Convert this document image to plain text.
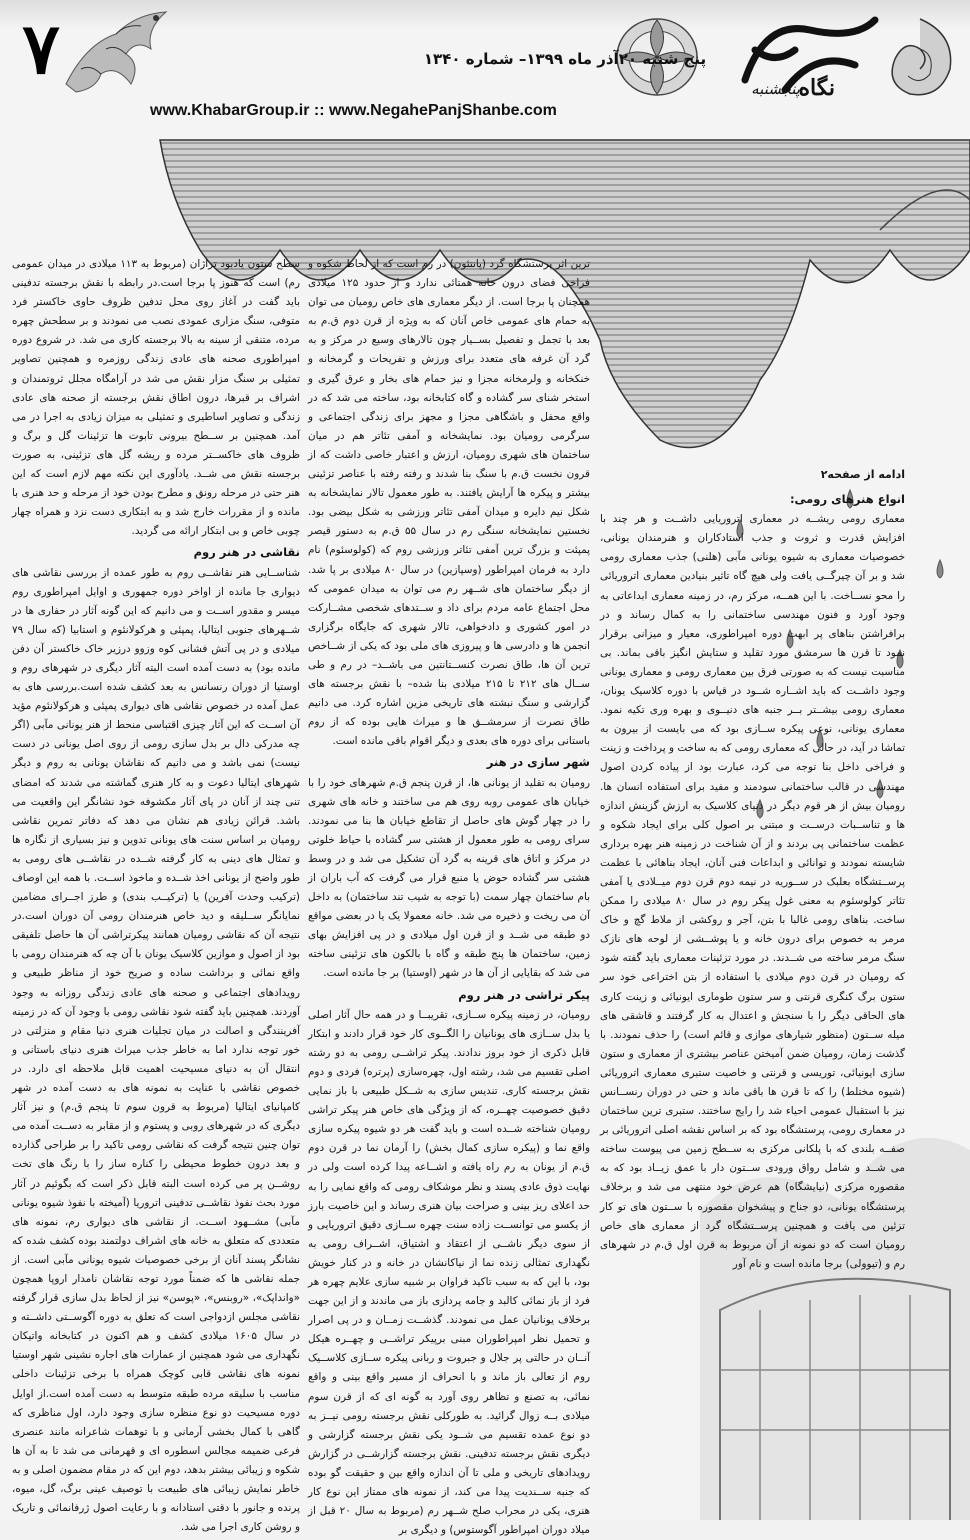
۷	نگاه
پنجشنبه
پنج شنبه ۲۰آذر ماه ۱۳۹۹– شماره ۱۳۴۰
www.KhabarGroup.ir :: www.NegahePanjShanbe.com

ادامه از صفحه۲

انواع هنرهای رومی:

معماری رومی ریشــه در معماری اتروریایی داشــت و هر چند با افزایش قدرت و ثروت و جذب استادکاران و هنرمندان یونانی، خصوصیات معماری به شیوه یونانی مآبی (هلنی) جذب معماری رومی شد و بر آن چیرگــی یافت ولی هیچ گاه تاثیر بنیادین معماری اتروریائی را محو نســاخت. با این همــه، مرکز رم، در زمینه معماری ابداعاتی به وجود آورد و فنون مهندسی ساختمانی را به کمال رساند و در برافراشتن بناهای پر ابهت دوره امپراطوری، معیار و میزانی برقرار نمود تا قرن ها سرمشق مورد تقلید و ستایش انگیز باقی بماند. بی مناسبت نیست که به صورتی فرق بین معماری رومی و معماری یونانی وجود داشــت که باید اشــاره شــود در قیاس با دوره کلاسیک یونان، معماری رومی بیشــتر بــر جنبه های دنیــوی و بهره وری تکیه نمود. معماری یونانی، نوعی پیکره ســازی بود که می بایست از بیرون به تماشا در آید، در حالی که معماری رومی که به ساخت و پرداخت و زینت و فراخی داخل بنا توجه می کرد، عبارت بود از پیاده کردن اصول مهندسی در قالب ساختمانی سودمند و مفید برای استفاده انسان ها. رومیان بیش از هر قوم دیگر در دنیای کلاسیک به ارزش گزینش اندازه ها و تناســبات درســت و مبتنی بر اصول کلی برای ایجاد شکوه و عظمت ساختمانی پی بردند و از آن شناخت در زمینه هنر بهره برداری شایسته نمودند و توانائی و ابداعات فنی آنان، ایجاد بناهائی با عظمت پرســتشگاه بعلبک در ســوریه در نیمه دوم قرن دوم میــلادی یا آمفی تئاتر کولوسئوم به معنی غول پیکر روم در سال ۸۰ میلادی را ممکن ساخت. بناهای رومی غالبا با بتن، آجر و روکشی از ملاط گچ و خاک مرمر به خصوص برای درون خانه و یا پوشــشی از لوحه های نازک سنگ مرمر ساخته می شــدند. در مورد تزئینات معماری باید گفته شود که رومیان در قرن دوم میلادی با استفاده از بتن اختراعی خود سر ستون برگ کنگری قرنتی و سر ستون طوماری ایونیائی و زینت کاری های الحاقی دیگر را با سنجش و اعتدال به کار گرفتند و قاشقی های میله ســتون (منظور شیارهای موازی و قائم است) را حذف نمودند. با گذشت زمان، رومیان ضمن آمیختن عناصر بیشتری از معماری و ستون سازی ایونیائی، توریسی و قرنتی و خاصیت ستبری معماری اتروریائی (شیوه مختلط) را که تا قرن ها باقی ماند و حتی در دوران رنســانس نیز با استقبال عمومی احیاء شد را رایج ساختند. ستبری ترین ساختمان در معماری رومی، پرستشگاه بود که بر اساس نقشه اصلی اتروریائی بر صفــه بلندی که با پلکانی مرکزی به ســطح زمین می پیوست ساخته می شــد و شامل رواق ورودی ســتون دار با عمق زیــاد بود که به مقصوره مرکزی (نیایشگاه) هم عرض خود منتهی می شد و برخلاف پرستشگاه یونانی، دو جناح و پیشخوان مقصوره با ســتون های تو کار تزئین می یافت و همچنین پرســتشگاه گرد از معماری های خاص رومیان است که دو نمونه از آن مربوط به قرن اول ق.م در شهرهای رم و (تیوولی) برجا مانده است و نام آور

ترین اثر پرستشگاه گرد (پانتئون) در رم است که از لحاظ شکوه و فراخی فضای درون خانه همتائی ندارد و از حدود ۱۲۵ میلادی همچنان پا برجا است. از دیگر معماری های خاص رومیان می توان به حمام های عمومی خاص آنان که به ویژه از قرن دوم ق.م به بعد با تجمل و تفصیل بســیار چون تالارهای وسیع در مرکز و به گرد آن غرفه های متعدد برای ورزش و تفریحات و گرمخانه و خنکخانه و ولرمخانه مجزا و نیز حمام های بخار و عرق گیری و استخر شنای سر گشاده و گاه کتابخانه بود، ساخته می شد که در واقع محفل و باشگاهی مجزا و مجهز برای زندگی اجتماعی و سرگرمی رومیان بود. نمایشخانه و آمفی تئاتر هم در میان ساختمان های شهری رومیان، ارزش و اعتبار خاصی داشت که از قرون نخست ق.م با سنگ بنا شدند و رفته رفته با عناصر تزئینی بیشتر و پیکره ها آرایش یافتند. به طور معمول تالار نمایشخانه به شکل نیم دایره و میدان آمفی تئاتر ورزشی به شکل بیضی بود. نخستین نمایشخانه سنگی رم در سال ۵۵ ق.م به دستور قیصر پمپئت و بزرگ ترین آمفی تئاتر ورزشی روم که (کولوسئوم) نام دارد به فرمان امپراطور (وسپازین) در سال ۸۰ میلادی بر پا شد. از دیگر ساختمان های شــهر رم می توان به میدان عمومی که محل اجتماع عامه مردم برای داد و ســتدهای شخصی مشــارکت در امور کشوری و دادخواهی، تالار شهری که جایگاه برگزاری انجمن ها و دادرسی ها و پیروزی های ملی بود که یکی از شــاخص ترین آن ها، طاق نصرت کنســتانتین می باشــد– در رم و طی ســال های ۲۱۲ تا ۲۱۵ میلادی بنا شده– با نقش برجسته های گزارشی و سنگ نبشته های تاریخی مزین اشاره کرد. می دانیم طاق نصرت از سرمشــق ها و میراث هایی بوده که از روم باستانی برای دوره های بعدی و دیگر اقوام باقی مانده است.

شهر سازی در هنر

رومیان به تقلید از یونانی ها، از قرن پنجم ق.م شهرهای خود را با خیابان های عمومی روبه روی هم می ساختند و خانه های شهری را در چهار گوش های حاصل از تقاطع خیابان ها بنا می نمودند. سرای رومی به طور معمول از هشتی سر گشاده با حیاط خلوتی در مرکز و اتاق های قرینه به گرد آن تشکیل می شد و در وسط هشتی سر گشاده حوض یا منبع قرار می گرفت که آب باران از بام ساختمان چهار سمت (با توجه به شیب تند ساختمان) به داخل آن می ریخت و ذخیره می شد. خانه معمولا یک یا در بعضی مواقع دو طبقه می شــد و از قرن اول میلادی و در پی افزایش بهای زمین، ساختمان ها پنج طبقه و گاه با بالکون های تزئینی ساخته می شد که بقایایی از آن ها در شهر (اوستیا) بر جا مانده است.

پیکر تراشی در هنر روم

رومیان، در زمینه پیکره ســازی، تقریبــا و در همه حال آثار اصلی یا بدل ســازی های یونانیان را الگــوی کار خود قرار دادند و ابتکار قابل ذکری از خود بروز ندادند. پیکر تراشــی رومی به دو رشته اصلی تقسیم می شد، رشته اول، چهره‌سازی (پرتره) فردی و دوم نقش برجسته کاری. تندیس سازی به شــکل طبیعی با باز نمایی دقیق خصوصیت چهــره، که از ویژگی های خاص هنر پیکر تراشی رومیان شناخته شــده است و باید گفت هر دو شیوه پیکره سازی واقع نما و (پیکره سازی کمال بخش) را آرمان نما در قرن دوم ق.م از یونان به رم راه یافته و اشــاعه پیدا کرده است ولی در نهایت ذوق عادی پسند و نظر موشکاف رومی که واقع نمایی را به حد اعلای ریز بینی و صراحت بیان هنری رساند و این خاصیت بارز از یکسو می توانســت زاده سنت چهره ســازی دقیق اتروریایی و از سوی دیگر ناشــی از اعتقاد و اشتیاق، اشــراف رومی به نگهداری تمثالی زنده نما از نیاکانشان در خانه و در کنار خویش بود، با این که به سبب تاکید فراوان بر شبیه سازی علایم چهره هر فرد از باز نمائی کالبد و جامه پردازی باز می ماندند و از این جهت برخلاف یونانیان عمل می نمودند. گذشــت زمــان و در پی اصرار و تحمیل نظر امپراطوران مبنی برپیکر تراشــی و چهــره هیکل آنــان در حالتی پر جلال و جبروت و ربانی پیکره ســازی کلاســیک روم از تعالی باز ماند و با انحراف از مسیر واقع بینی و واقع نمائی، به تصنع و تظاهر روی آورد به گونه ای که از قرن سوم میلادی بــه زوال گرائید. به طورکلی نقش برجسته رومی نیــز به دو نوع عمده تقسیم می شــود یکی نقش برجسته گزارشی و دیگری نقش برجسته تدفینی. نقش برجسته گزارشــی در گزارش رویدادهای تاریخی و ملی تا آن اندازه واقع بین و حقیقت گو بوده که جنبه ســندیت پیدا می کند، از نمونه های ممتاز این نوع کار هنری، یکی در محراب صلح شــهر رم (مربوط به سال ۲۰ قبل از میلاد دوران امپراطور آگوستوس) و دیگری بر

سطح ستون یادبود تراژان (مربوط به ۱۱۳ میلادی در میدان عمومی رم) است که هنوز پا برجا است.در رابطه با نقش برجسته تدفینی باید گفت در آغاز روی محل تدفین ظروف حاوی خاکستر فرد متوفی، سنگ مزاری عمودی نصب می نمودند و بر سطحش چهره مرده، متنقی از سینه به بالا برجسته کاری می شد. در شروع دوره امپراطوری صحنه های عادی زندگی روزمره و همچنین تصاویر تمثیلی بر سنگ مزار نقش می شد در آرامگاه مجلل ثروتمندان و اشراف بر قبرها، درون اطاق نقش برجسته از صحنه های عادی زندگی و تصاویر اساطیری و تمثیلی به میزان زیادی به اجرا در می آمد. همچنین بر ســطح بیرونی تابوت ها تزئینات گل و برگ و ظروف های خاکســتر مرده و ریشه گل های تزئینی، به صورت برجسته نقش می شــد. یادآوری این نکته مهم لازم است که این هنر حتی در مرحله رونق و مطرح بودن خود از مرحله و حد هنری با مانده و از مقررات خارج شد و به ابتکاری دست نزد و همراه چهار چوبی خاص و بی ابتکار ارائه می گردید.

نقاشی در هنر روم

شناســایی هنر نقاشــی روم به طور عمده از بررسی نقاشی های دیواری جا مانده از اواخر دوره جمهوری و اوایل امپراطوری روم میسر و مقدور اســت و می دانیم که این گونه آثار در حفاری ها در شــهرهای جنوبی ایتالیا، پمپئی و هرکولانئوم و استابیا (که سال ۷۹ میلادی و در پی آتش فشانی کوه وزوو درزیر خاک خاکستر آن دفن مانده بود) به دست آمده است البته آثار دیگری در شهرهای روم و اوستیا از دوران رنسانس به بعد کشف شده است.بررسی های به عمل آمده در خصوص نقاشی های دیواری پمپئی و هرکولانئوم مؤید آن اســت که این آثار چیزی اقتباسی منحط از هنر یونانی مآبی (اگر چه مدرکی دال بر بدل سازی رومی از روی اصل یونانی در دست نیست) نمی باشد و می دانیم که نقاشان یونانی به روم و دیگر شهرهای ایتالیا دعوت و به کار هنری گماشته می شدند که امضای تنی چند از آنان در پای آثار مکشوفه خود نشانگر این واقعیت می باشد. قرائن زیادی هم نشان می دهد که دفاتر تمرین نقاشی رومیان بر اساس سنت های یونانی تدوین و نیز بسیاری از نگاره ها و تمثال های دینی به کار گرفته شــده در نقاشــی های رومی به طور واضح از یونانی اخذ شــده و ماخوذ اســت. با همه این اوصاف (ترکیب وحدت آفرین) یا (ترکیــب بندی) و طرز اجــرای مضامین نمایانگر ســلیقه و دید خاص هنرمندان رومی آن دوران است.در نتیجه آن که نقاشی رومیان همانند پیکرتراشی آن ها حاصل تلفیقی بود از اصول و موازین کلاسیک یونان با آن چه که هنرمندان رومی با واقع نمائی و برداشت ساده و صریح خود از مناظر طبیعی و رویدادهای اجتماعی و صحنه های عادی زندگی روزانه به وجود آوردند. همچنین باید گفته شود نقاشی رومی با وجود آن که در زمینه آفرینندگی و اصالت در میان تجلیات هنری دنیا مقام و منزلتی در خور توجه ندارد اما به خاطر جذب میراث هنری دنیای باستانی و انتقال آن به دنیای مسیحیت اهمیت قابل ملاحظه ای دارد. در خصوص نقاشی با عنایت به نمونه های به دست آمده در شهر کامپانیای ایتالیا (مربوط به قرون سوم تا پنجم ق.م) و نیز آثار دیگری که در شهرهای روبی و پستوم و از مقابر به دســت آمده می توان چنین نتیجه گرفت که نقاشی رومی تاکید را بر طراحی گذارده و بعد درون خطوط محیطی را کناره ساز را با رنگ های تخت روشــن پر می کرده است البته قابل ذکر است که بگوئیم در آثار مورد بحث نفوذ نقاشــی تدفینی اتروریا (آمیخته با نفوذ شیوه یونانی مآبی) مشــهود اســت. از نقاشی های دیواری رم، نمونه های متعددی که متعلق به خانه های اشراف دولتمند بوده کشف شده که نشانگر پسند آنان از برخی خصوصیات شیوه یونانی مآبی است. از جمله نقاشی ها که ضمناً مورد توجه نقاشان نامدار اروپا همچون «وانداپک»، «روبنس»، «پوسن» نیز از لحاظ بدل سازی قرار گرفته نقاشی مجلس ازدواجی است که تعلق به دوره آگوســتی داشــته و در سال ۱۶۰۵ میلادی کشف و هم اکنون در کتابخانه واتیکان نگهداری می شود همچنین از عمارات های اجاره نشینی شهر اوستیا نمونه های نقاشی قابی کوچک همراه با برخی تزئینات داخلی مناسب با سلیقه مرده طبقه متوسط به دست آمده است.از اوایل دوره مسیحیت دو نوع منظره سازی وجود دارد، اول مناظری که گاهی با کمال بخشی آرمانی و با توهمات شاعرانه مانند عنصری فرعی ضمیمه مجالس اسطوره ای و قهرمانی می شد تا به آن ها شکوه و زیبائی بیشتر بدهد، دوم این که در مقام مضمون اصلی و به خاطر نمایش زیبائی های طبیعت با توصیف عینی برگ، گل، میوه، پرنده و جانور با دقتی استادانه و با رعایت اصول ژرفانمائی و تاریک و روشن کاری اجرا می شد.
